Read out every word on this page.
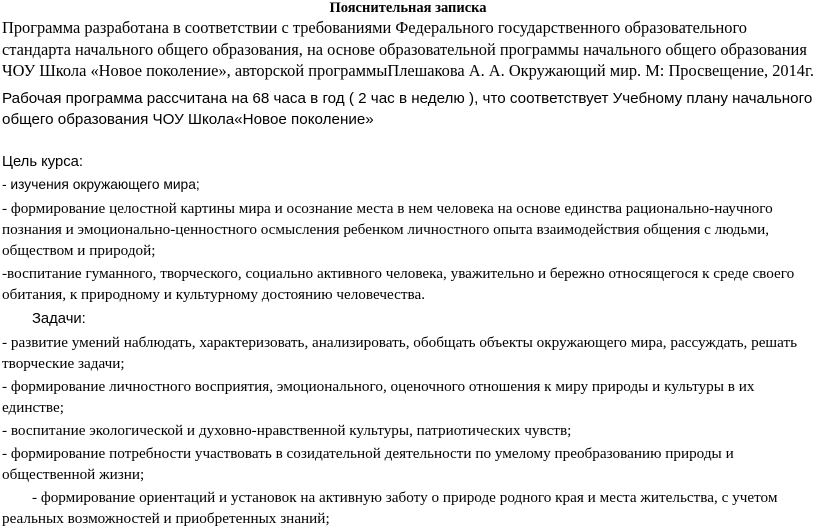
Пояснительная записка

Программа разработана в соответствии с требованиями Федерального государственного образовательного стандарта начального общего образования, на основе образовательной программы начального общего образования ЧОУ Школа «Новое поколение», авторской программыПлешакова А. А. Окружающий мир. М: Просвещение, 2014г.

Рабочая программа рассчитана на 68 часа в год ( 2 час в неделю ), что соответствует Учебному плану начального общего образования ЧОУ Школа«Новое поколение»

Цель курса:

- изучения окружающего мира;

- формирование целостной картины мира и осознание места в нем человека на основе единства рационально-научного познания и эмоционально-ценностного осмысления ребенком личностного опыта взаимодействия общения с людьми, обществом и природой;

-воспитание гуманного, творческого, социально активного человека, уважительно и бережно относящегося к среде своего обитания, к природному и культурному достоянию человечества.

Задачи:

- развитие умений наблюдать, характеризовать, анализировать, обобщать объекты окружающего мира, рассуждать, решать творческие задачи;

- формирование личностного восприятия, эмоционального, оценочного отношения к миру природы и культуры в их единстве;

- воспитание экологической и духовно-нравственной культуры, патриотических чувств;

- формирование потребности участвовать в созидательной деятельности по умелому преобразованию природы и общественной жизни;

- формирование ориентаций и установок на активную заботу о природе родного края и места жительства, с учетом реальных возможностей и приобретенных знаний;
